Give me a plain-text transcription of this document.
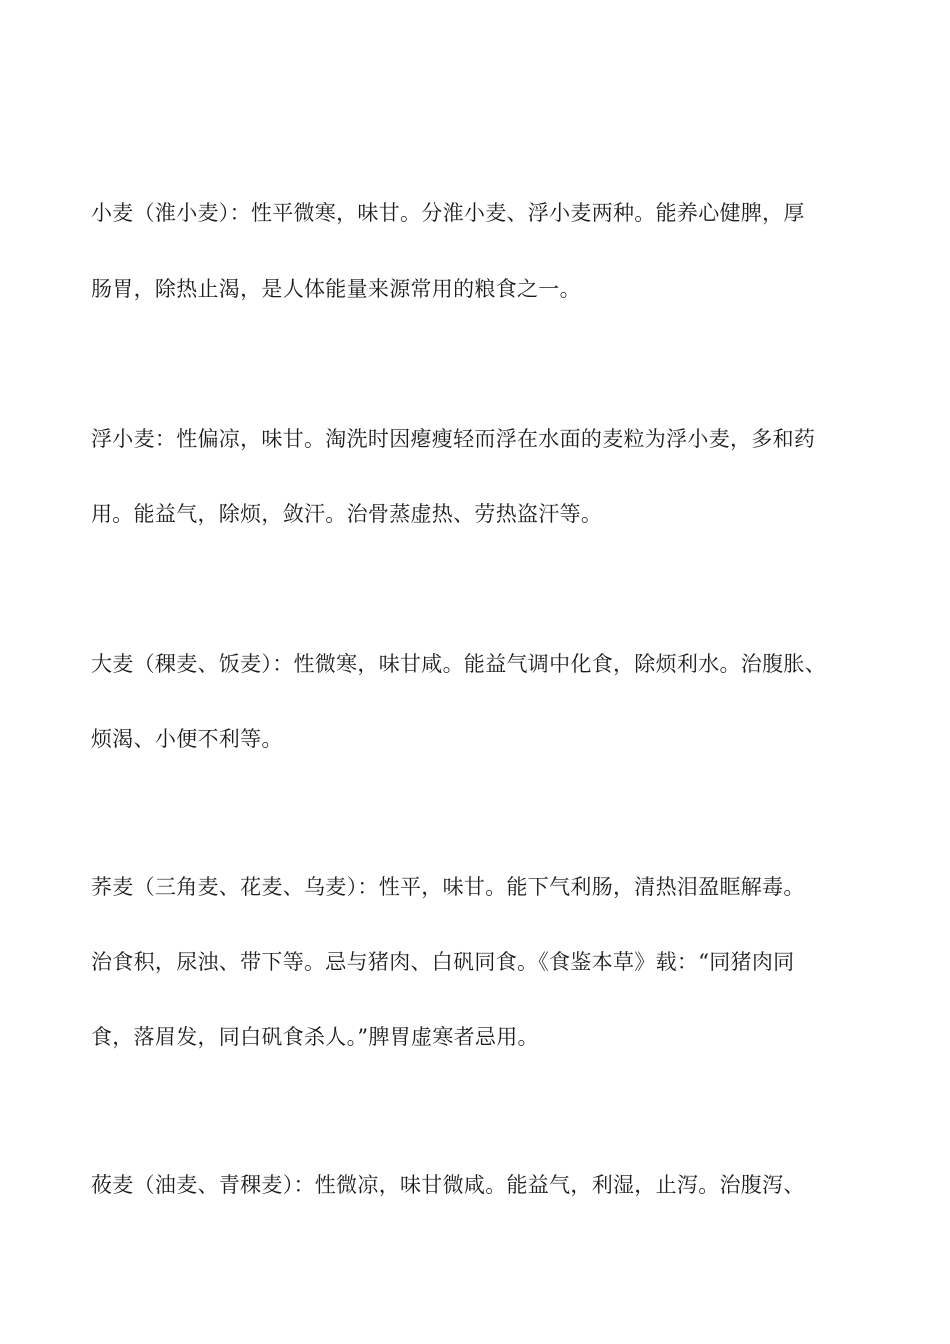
小麦（淮小麦）：性平微寒，味甘。分淮小麦、浮小麦两种。能养心健脾，厚

肠胃，除热止渴，是人体能量来源常用的粮食之一。

浮小麦：性偏凉，味甘。淘洗时因瘪瘦轻而浮在水面的麦粒为浮小麦，多和药

用。能益气，除烦，敛汗。治骨蒸虚热、劳热盗汗等。

大麦（稞麦、饭麦）：性微寒，味甘咸。能益气调中化食，除烦利水。治腹胀、

烦渴、小便不利等。

荞麦（三角麦、花麦、乌麦）：性平，味甘。能下气利肠，清热泪盈眶解毒。

治食积，尿浊、带下等。忌与猪肉、白矾同食。《食鉴本草》载：“同猪肉同

食，落眉发，同白矾食杀人。”脾胃虚寒者忌用。

莜麦（油麦、青稞麦）：性微凉，味甘微咸。能益气，利湿，止泻。治腹泻、
